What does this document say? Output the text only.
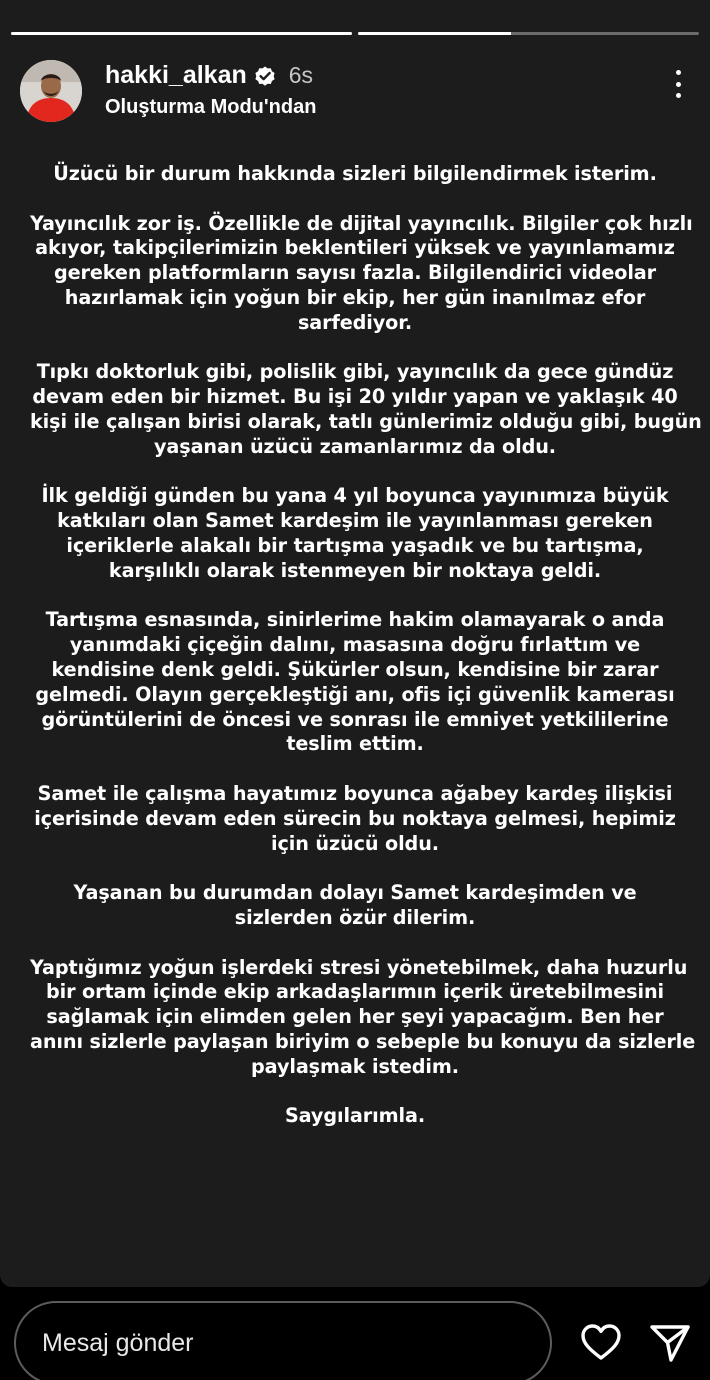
hakki_alkan 6s
Oluşturma Modu'ndan

Üzücü bir durum hakkında sizleri bilgilendirmek isterim.

Yayıncılık zor iş. Özellikle de dijital yayıncılık. Bilgiler çok hızlı
akıyor, takipçilerimizin beklentileri yüksek ve yayınlamamız
gereken platformların sayısı fazla. Bilgilendirici videolar
hazırlamak için yoğun bir ekip, her gün inanılmaz efor
sarfediyor.

Tıpkı doktorluk gibi, polislik gibi, yayıncılık da gece gündüz
devam eden bir hizmet. Bu işi 20 yıldır yapan ve yaklaşık 40
kişi ile çalışan birisi olarak, tatlı günlerimiz olduğu gibi, bugün
yaşanan üzücü zamanlarımız da oldu.

İlk geldiği günden bu yana 4 yıl boyunca yayınımıza büyük
katkıları olan Samet kardeşim ile yayınlanması gereken
içeriklerle alakalı bir tartışma yaşadık ve bu tartışma,
karşılıklı olarak istenmeyen bir noktaya geldi.

Tartışma esnasında, sinirlerime hakim olamayarak o anda
yanımdaki çiçeğin dalını, masasına doğru fırlattım ve
kendisine denk geldi. Şükürler olsun, kendisine bir zarar
gelmedi. Olayın gerçekleştiği anı, ofis içi güvenlik kamerası
görüntülerini de öncesi ve sonrası ile emniyet yetkililerine
teslim ettim.

Samet ile çalışma hayatımız boyunca ağabey kardeş ilişkisi
içerisinde devam eden sürecin bu noktaya gelmesi, hepimiz
için üzücü oldu.

Yaşanan bu durumdan dolayı Samet kardeşimden ve
sizlerden özür dilerim.

Yaptığımız yoğun işlerdeki stresi yönetebilmek, daha huzurlu
bir ortam içinde ekip arkadaşlarımın içerik üretebilmesini
sağlamak için elimden gelen her şeyi yapacağım. Ben her
anını sizlerle paylaşan biriyim o sebeple bu konuyu da sizlerle
paylaşmak istedim.

Saygılarımla.

Mesaj gönder
